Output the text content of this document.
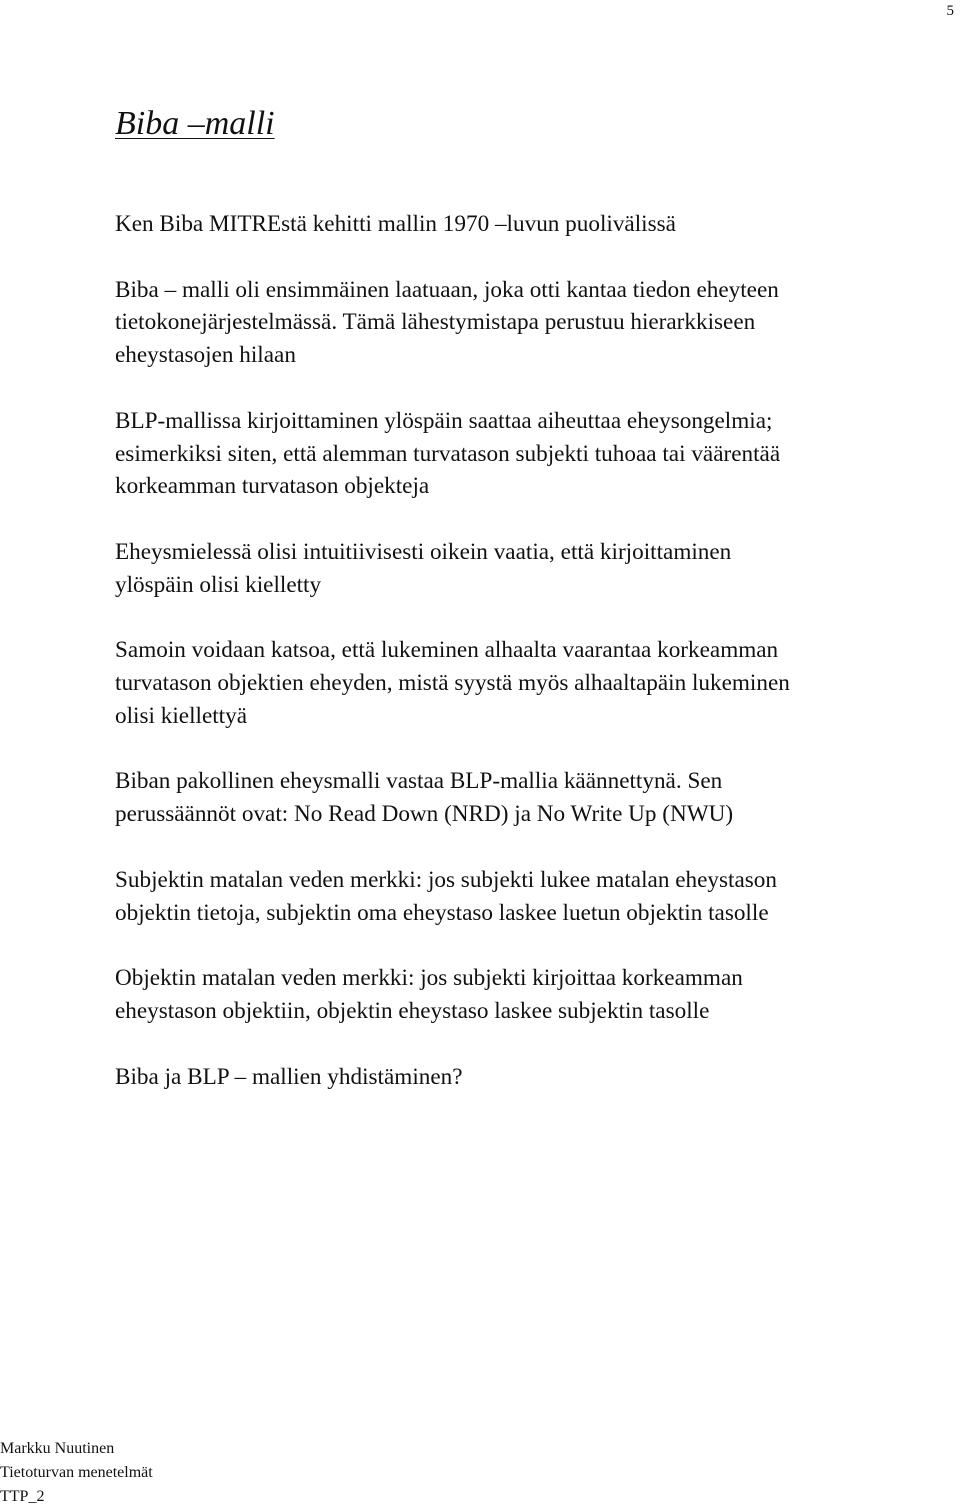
5
Biba –malli

Ken Biba MITREstä kehitti mallin 1970 –luvun puolivälissä

Biba – malli oli ensimmäinen laatuaan, joka otti kantaa tiedon eheyteen
tietokonejärjestelmässä. Tämä lähestymistapa perustuu hierarkkiseen
eheystasojen hilaan

BLP-mallissa kirjoittaminen ylöspäin saattaa aiheuttaa eheysongelmia;
esimerkiksi siten, että alemman turvatason subjekti tuhoaa tai väärentää
korkeamman turvatason objekteja

Eheysmielessä olisi intuitiivisesti oikein vaatia, että kirjoittaminen
ylöspäin olisi kielletty

Samoin voidaan katsoa, että lukeminen alhaalta vaarantaa korkeamman
turvatason objektien eheyden, mistä syystä myös alhaaltapäin lukeminen
olisi kiellettyä

Biban pakollinen eheysmalli vastaa BLP-mallia käännettynä. Sen
perussäännöt ovat: No Read Down (NRD) ja No Write Up (NWU)

Subjektin matalan veden merkki: jos subjekti lukee matalan eheystason
objektin tietoja, subjektin oma eheystaso laskee luetun objektin tasolle

Objektin matalan veden merkki: jos subjekti kirjoittaa korkeamman
eheystason objektiin, objektin eheystaso laskee subjektin tasolle

Biba ja BLP – mallien yhdistäminen?

Markku Nuutinen
Tietoturvan menetelmät
TTP_2
